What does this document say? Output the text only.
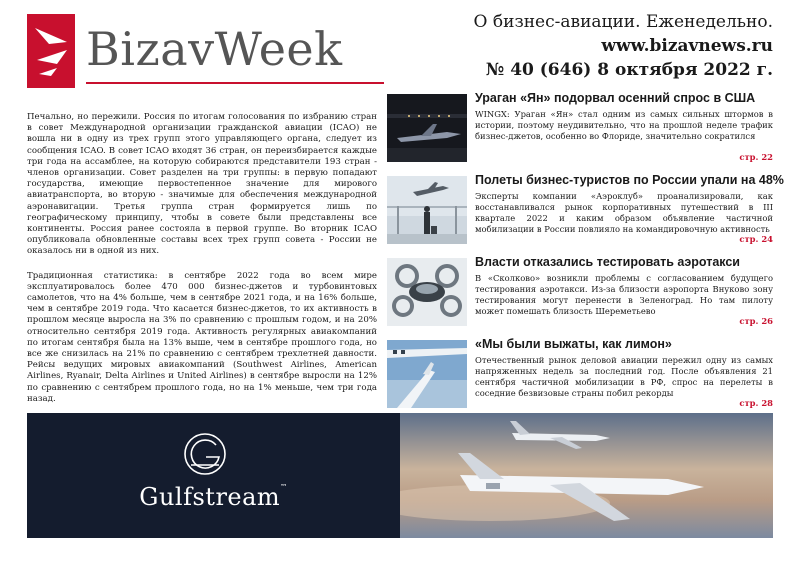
BizavWeek	О бизнес-авиации. Еженедельно.
www.bizavnews.ru
№ 40 (646) 8 октября 2022 г.

Печально, но пережили. Россия по итогам голосования по избранию стран в совет Международной организации гражданской авиации (ICAO) не вошла ни в одну из трех групп этого управляющего органа, следует из сообщения ICAO. В совет ICAO входят 36 стран, он переизбирается каждые три года на ассамблее, на которую собираются представители 193 стран - членов организации. Совет разделен на три группы: в первую попадают государства, имеющие первостепенное значение для мирового авиатранспорта, во вторую - значимые для обеспечения международной аэронавигации. Третья группа стран формируется лишь по географическому принципу, чтобы в совете были представлены все континенты. Россия ранее состояла в первой группе. Во вторник ICAO опубликовала обновленные составы всех трех групп совета - России не оказалось ни в одной из них.

Традиционная статистика: в сентябре 2022 года во всем мире эксплуатировалось более 470 000 бизнес-джетов и турбовинтовых самолетов, что на 4% больше, чем в сентябре 2021 года, и на 16% больше, чем в сентябре 2019 года. Что касается бизнес-джетов, то их активность в прошлом месяце выросла на 3% по сравнению с прошлым годом, и на 20% относительно сентября 2019 года. Активность регулярных авиакомпаний по итогам сентября была на 13% выше, чем в сентябре прошлого года, но все же снизилась на 21% по сравнению с сентябрем трехлетней давности. Рейсы ведущих мировых авиакомпаний (Southwest Airlines, American Airlines, Ryanair, Delta Airlines и United Airlines) в сентябре выросли на 12% по сравнению с сентябрем прошлого года, но на 1% меньше, чем три года назад.

Ураган «Ян» подорвал осенний спрос в США
WINGX: Ураган «Ян» стал одним из самых сильных штормов в истории, поэтому неудивительно, что на прошлой неделе трафик бизнес-джетов, особенно во Флориде, значительно сократился
стр. 22
Полеты бизнес-туристов по России упали на 48%
Эксперты компании «Аэроклуб» проанализировали, как восстанавливался рынок корпоративных путешествий в III квартале 2022 и каким образом объявление частичной мобилизации в России повлияло на командировочную активность
стр. 24
Власти отказались тестировать аэротакси
В «Сколково» возникли проблемы с согласованием будущего тестирования аэротакси. Из-за близости аэропорта Внуково зону тестирования могут перенести в Зеленоград. Но там пилоту может помешать близость Шереметьево
стр. 26
«Мы были выжаты, как лимон»
Отечественный рынок деловой авиации пережил одну из самых напряженных недель за последний год. После объявления 21 сентября частичной мобилизации в РФ, спрос на перелеты в соседние безвизовые страны побил рекорды
стр. 28
Gulfstream™
